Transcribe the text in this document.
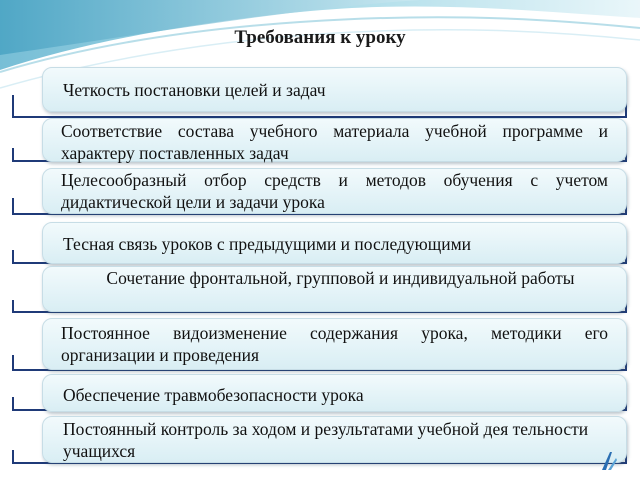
Требования к уроку
Четкость постановки целей и задач
Соответствие состава учебного материала учебной программе и характеру поставленных задач
Целесообразный отбор средств и методов обучения с учетом дидактической цели и задачи урока
Тесная связь уроков с предыдущими и последующими
Сочетание фронтальной, групповой и индивидуальной работы
Постоянное видоизменение содержания урока, методики его организации и проведения
Обеспечение травмобезопасности урока
Постоянный контроль за ходом и результатами учебной дея тельности учащихся
